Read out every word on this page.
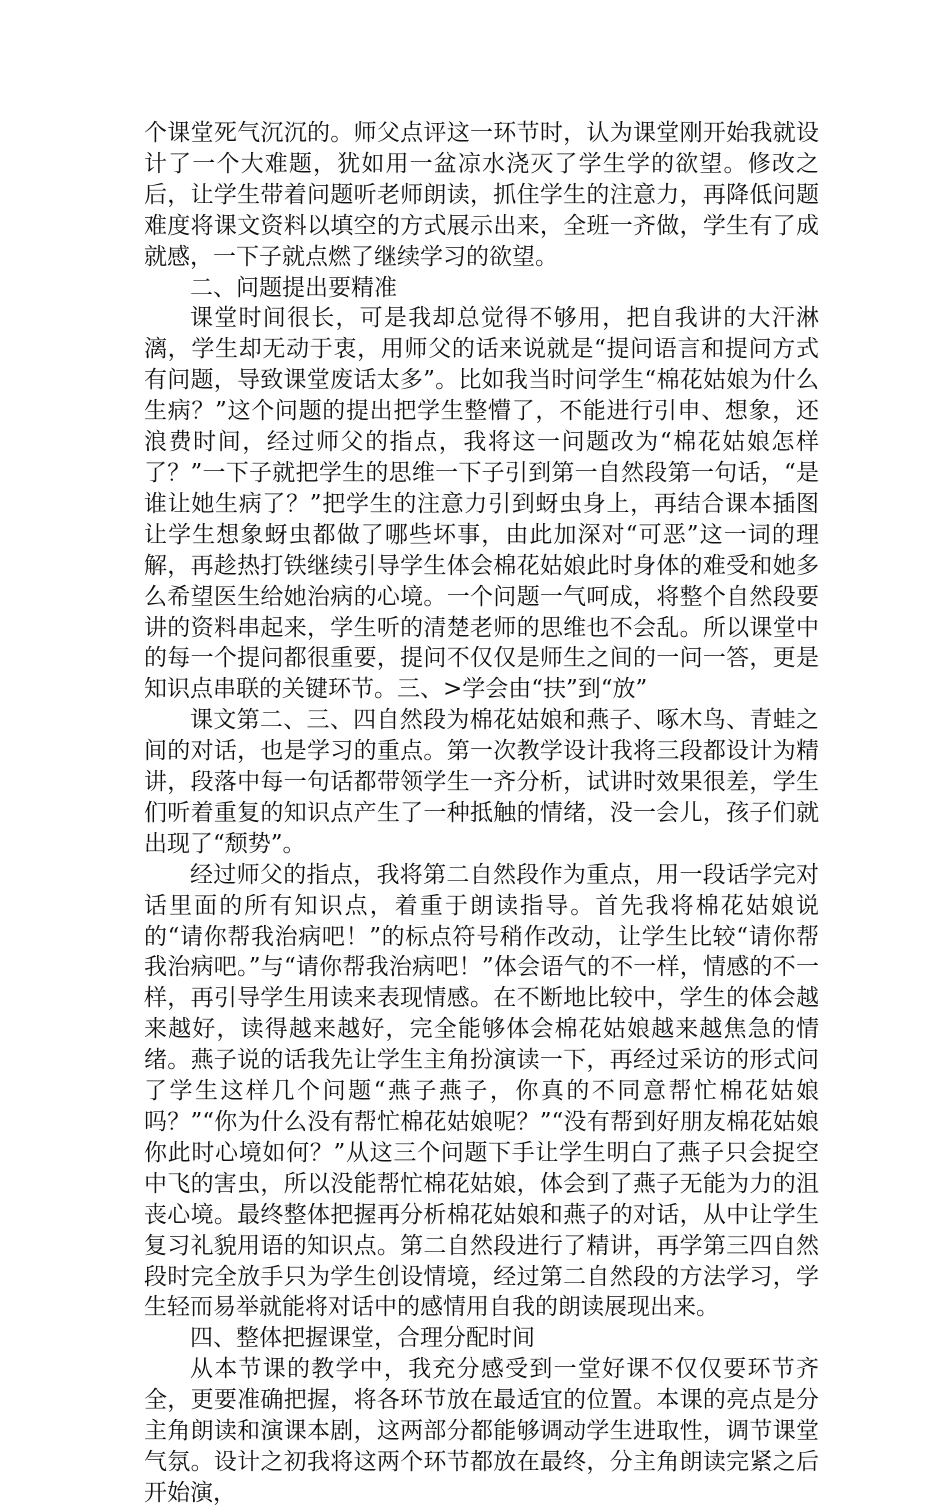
个课堂死气沉沉的。师父点评这一环节时，认为课堂刚开始我就设计了一个大难题，犹如用一盆凉水浇灭了学生学的欲望。修改之后，让学生带着问题听老师朗读，抓住学生的注意力，再降低问题难度将课文资料以填空的方式展示出来，全班一齐做，学生有了成就感，一下子就点燃了继续学习的欲望。

二、问题提出要精准

课堂时间很长，可是我却总觉得不够用，把自我讲的大汗淋漓，学生却无动于衷，用师父的话来说就是“提问语言和提问方式有问题，导致课堂废话太多”。比如我当时问学生“棉花姑娘为什么生病？”这个问题的提出把学生整懵了，不能进行引申、想象，还浪费时间，经过师父的指点，我将这一问题改为“棉花姑娘怎样了？”一下子就把学生的思维一下子引到第一自然段第一句话，“是谁让她生病了？”把学生的注意力引到蚜虫身上，再结合课本插图让学生想象蚜虫都做了哪些坏事，由此加深对“可恶”这一词的理解，再趁热打铁继续引导学生体会棉花姑娘此时身体的难受和她多么希望医生给她治病的心境。一个问题一气呵成，将整个自然段要讲的资料串起来，学生听的清楚老师的思维也不会乱。所以课堂中的每一个提问都很重要，提问不仅仅是师生之间的一问一答，更是知识点串联的关键环节。三、>学会由“扶”到“放”

课文第二、三、四自然段为棉花姑娘和燕子、啄木鸟、青蛙之间的对话，也是学习的重点。第一次教学设计我将三段都设计为精讲，段落中每一句话都带领学生一齐分析，试讲时效果很差，学生们听着重复的知识点产生了一种抵触的情绪，没一会儿，孩子们就出现了“颓势”。

经过师父的指点，我将第二自然段作为重点，用一段话学完对话里面的所有知识点，着重于朗读指导。首先我将棉花姑娘说的“请你帮我治病吧！”的标点符号稍作改动，让学生比较“请你帮我治病吧。”与“请你帮我治病吧！”体会语气的不一样，情感的不一样，再引导学生用读来表现情感。在不断地比较中，学生的体会越来越好，读得越来越好，完全能够体会棉花姑娘越来越焦急的情绪。燕子说的话我先让学生主角扮演读一下，再经过采访的形式问了学生这样几个问题“燕子燕子，你真的不同意帮忙棉花姑娘吗？”“你为什么没有帮忙棉花姑娘呢？”“没有帮到好朋友棉花姑娘你此时心境如何？”从这三个问题下手让学生明白了燕子只会捉空中飞的害虫，所以没能帮忙棉花姑娘，体会到了燕子无能为力的沮丧心境。最终整体把握再分析棉花姑娘和燕子的对话，从中让学生复习礼貌用语的知识点。第二自然段进行了精讲，再学第三四自然段时完全放手只为学生创设情境，经过第二自然段的方法学习，学生轻而易举就能将对话中的感情用自我的朗读展现出来。

四、整体把握课堂，合理分配时间

从本节课的教学中，我充分感受到一堂好课不仅仅要环节齐全，更要准确把握，将各环节放在最适宜的位置。本课的亮点是分主角朗读和演课本剧，这两部分都能够调动学生进取性，调节课堂气氛。设计之初我将这两个环节都放在最终，分主角朗读完紧之后开始演，
